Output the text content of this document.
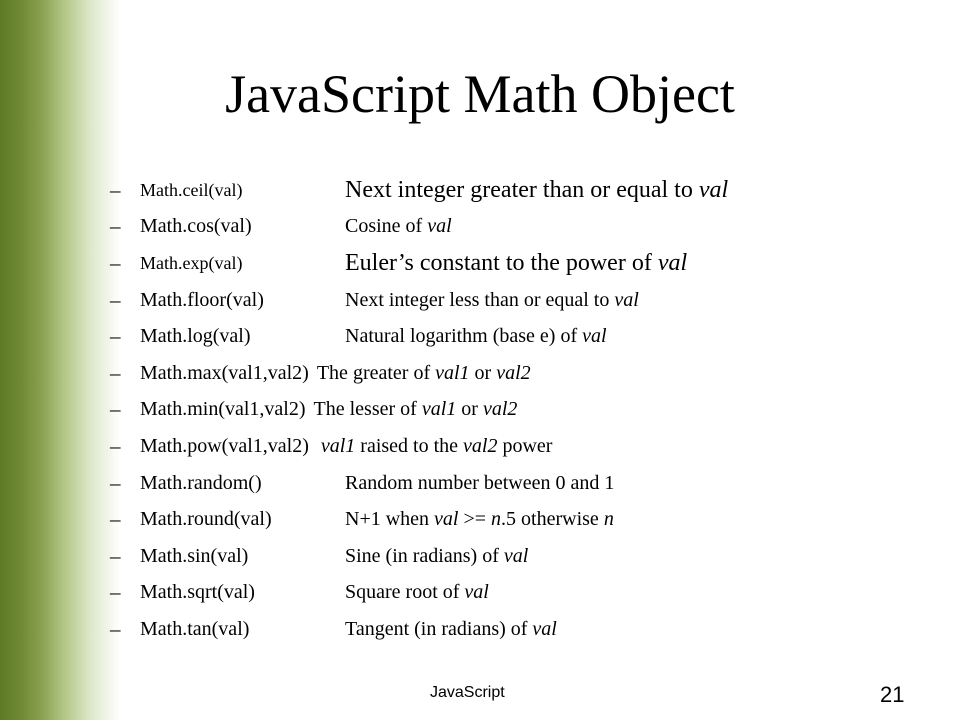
JavaScript Math Object
–	Math.ceil(val)	Next integer greater than or equal to val
– Math.cos(val)	Cosine of val
–	Math.exp(val)	Euler’s constant to the power of val
– Math.floor(val)	Next integer less than or equal to val
– Math.log(val)	Natural logarithm (base e) of val
– Math.max(val1,val2) The greater of val1 or val2
– Math.min(val1,val2) The lesser of val1 or val2
– Math.pow(val1,val2) val1 raised to the val2 power
– Math.random()	Random number between 0 and 1
– Math.round(val)	N+1 when val >= n.5 otherwise n
– Math.sin(val)	Sine (in radians) of val
– Math.sqrt(val)	Square root of val
– Math.tan(val)	Tangent (in radians) of val
JavaScript	21
